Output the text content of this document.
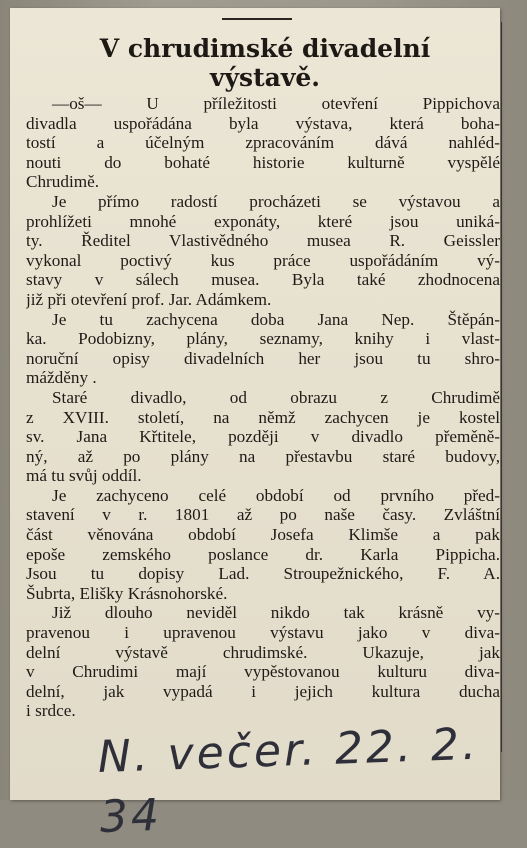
V chrudimské divadelní
výstavě.
—oš— U příležitosti otevření Pippichova
divadla uspořádána byla výstava, která boha-
tostí a účelným zpracováním dává nahléd-
nouti do bohaté historie kulturně vyspělé
Chrudimě.
Je přímo radostí procházeti se výstavou a
prohlížeti mnohé exponáty, které jsou uniká-
ty. Ředitel Vlastivědného musea R. Geissler
vykonal poctivý kus práce uspořádáním vý-
stavy v sálech musea. Byla také zhodnocena
již při otevření prof. Jar. Adámkem.
Je tu zachycena doba Jana Nep. Štěpán-
ka. Podobizny, plány, seznamy, knihy i vlast-
noruční opisy divadelních her jsou tu shro-
mážděny .
Staré divadlo, od obrazu z Chrudimě
z XVIII. století, na němž zachycen je kostel
sv. Jana Křtitele, později v divadlo přeměně-
ný, až po plány na přestavbu staré budovy,
má tu svůj oddíl.
Je zachyceno celé období od prvního před-
stavení v r. 1801 až po naše časy. Zvláštní
část věnována období Josefa Klimše a pak
epoše zemského poslance dr. Karla Pippicha.
Jsou tu dopisy Lad. Stroupežnického, F. A.
Šubrta, Elišky Krásnohorské.
Již dlouho neviděl nikdo tak krásně vy-
pravenou i upravenou výstavu jako v diva-
delní výstavě chrudimské. Ukazuje, jak
v Chrudimi mají vypěstovanou kulturu diva-
delní, jak vypadá i jejich kultura ducha
i srdce.

N. večer. 22. 2. 34
